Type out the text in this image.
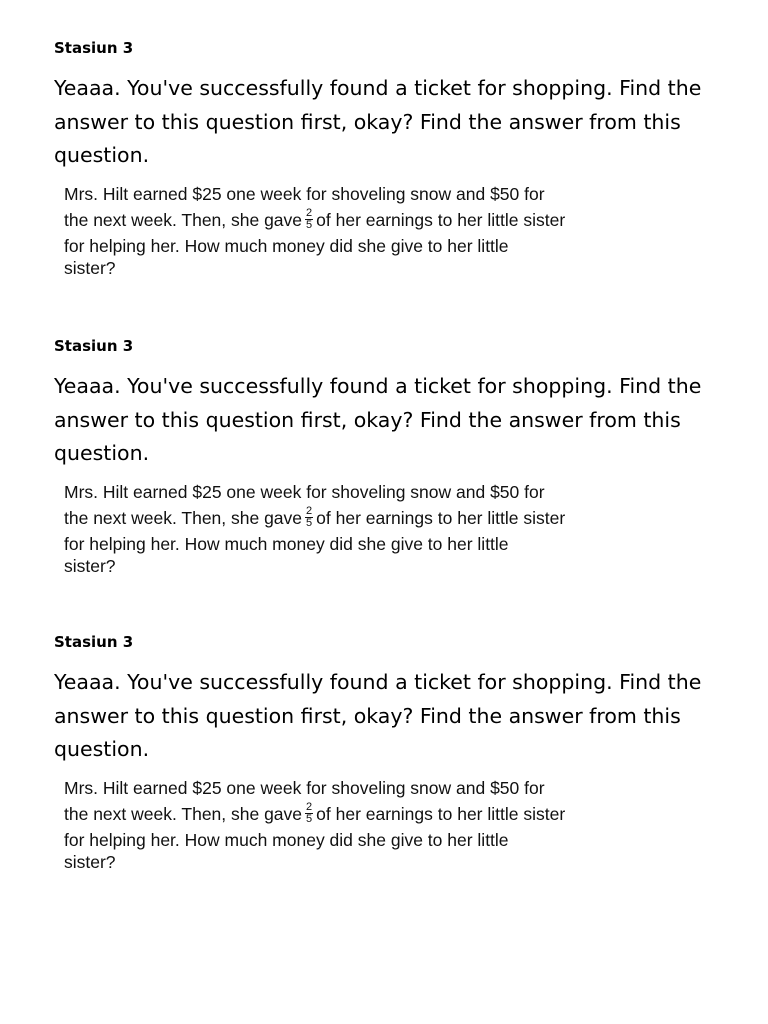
Stasiun 3

Yeaaa. You've successfully found a ticket for shopping. Find the answer to this question first, okay? Find the answer from this question.

Mrs. Hilt earned $25 one week for shoveling snow and $50 for
the next week. Then, she gave $\frac{2}{5}$ of her earnings to her little sister
for helping her. How much money did she give to her little
sister?
Stasiun 3

Yeaaa. You've successfully found a ticket for shopping. Find the answer to this question first, okay? Find the answer from this question.

Mrs. Hilt earned $25 one week for shoveling snow and $50 for
the next week. Then, she gave $\frac{2}{5}$ of her earnings to her little sister
for helping her. How much money did she give to her little
sister?
Stasiun 3

Yeaaa. You've successfully found a ticket for shopping. Find the answer to this question first, okay? Find the answer from this question.

Mrs. Hilt earned $25 one week for shoveling snow and $50 for
the next week. Then, she gave $\frac{2}{5}$ of her earnings to her little sister
for helping her. How much money did she give to her little
sister?
